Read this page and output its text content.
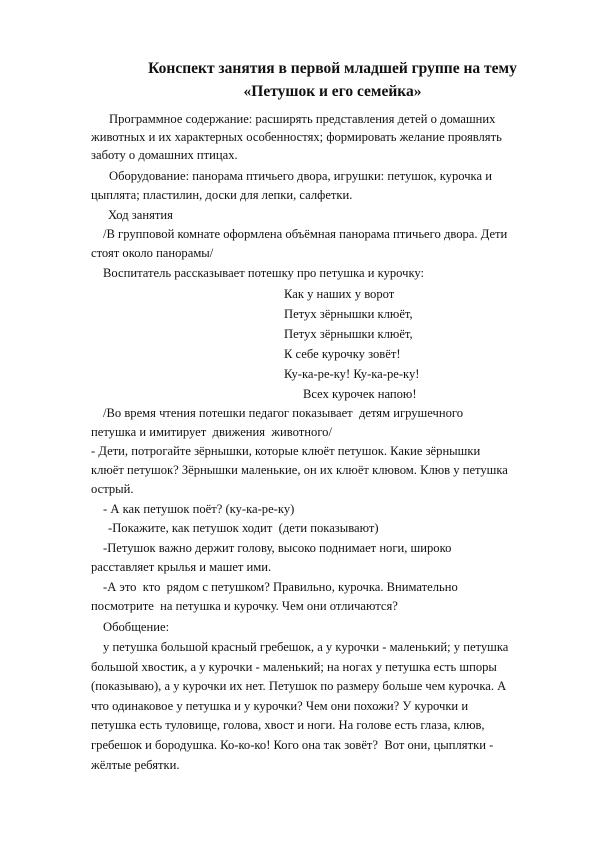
Конспект занятия в первой младшей группе на тему
«Петушок и его семейка»
Программное содержание: расширять представления детей о домашних
животных и их характерных особенностях; формировать желание проявлять
заботу о домашних птицах.
Оборудование: панорама птичьего двора, игрушки: петушок, курочка и
цыплята; пластилин, доски для лепки, салфетки.
Ход занятия
/В групповой комнате оформлена объёмная панорама птичьего двора. Дети
стоят около панорамы/
Воспитатель рассказывает потешку про петушка и курочку:
Как у наших у ворот
Петух зёрнышки клюёт,
Петух зёрнышки клюёт,
К себе курочку зовёт!
Ку-ка-ре-ку! Ку-ка-ре-ку!
Всех курочек напою!
/Во время чтения потешки педагог показывает  детям игрушечного
петушка и имитирует  движения  животного/
- Дети, потрогайте зёрнышки, которые клюёт петушок. Какие зёрнышки
клюёт петушок? Зёрнышки маленькие, он их клюёт клювом. Клюв у петушка
острый.
- А как петушок поёт? (ку-ка-ре-ку)
-Покажите, как петушок ходит  (дети показывают)
-Петушок важно держит голову, высоко поднимает ноги, широко
расставляет крылья и машет ими.
-А это  кто  рядом с петушком? Правильно, курочка. Внимательно
посмотрите  на петушка и курочку. Чем они отличаются?
Обобщение:
у петушка большой красный гребешок, а у курочки - маленький; у петушка
большой хвостик, а у курочки - маленький; на ногах у петушка есть шпоры
(показываю), а у курочки их нет. Петушок по размеру больше чем курочка. А
что одинаковое у петушка и у курочки? Чем они похожи? У курочки и
петушка есть туловище, голова, хвост и ноги. На голове есть глаза, клюв,
гребешок и бородушка. Ко-ко-ко! Кого она так зовёт?  Вот они, цыплятки -
жёлтые ребятки.
